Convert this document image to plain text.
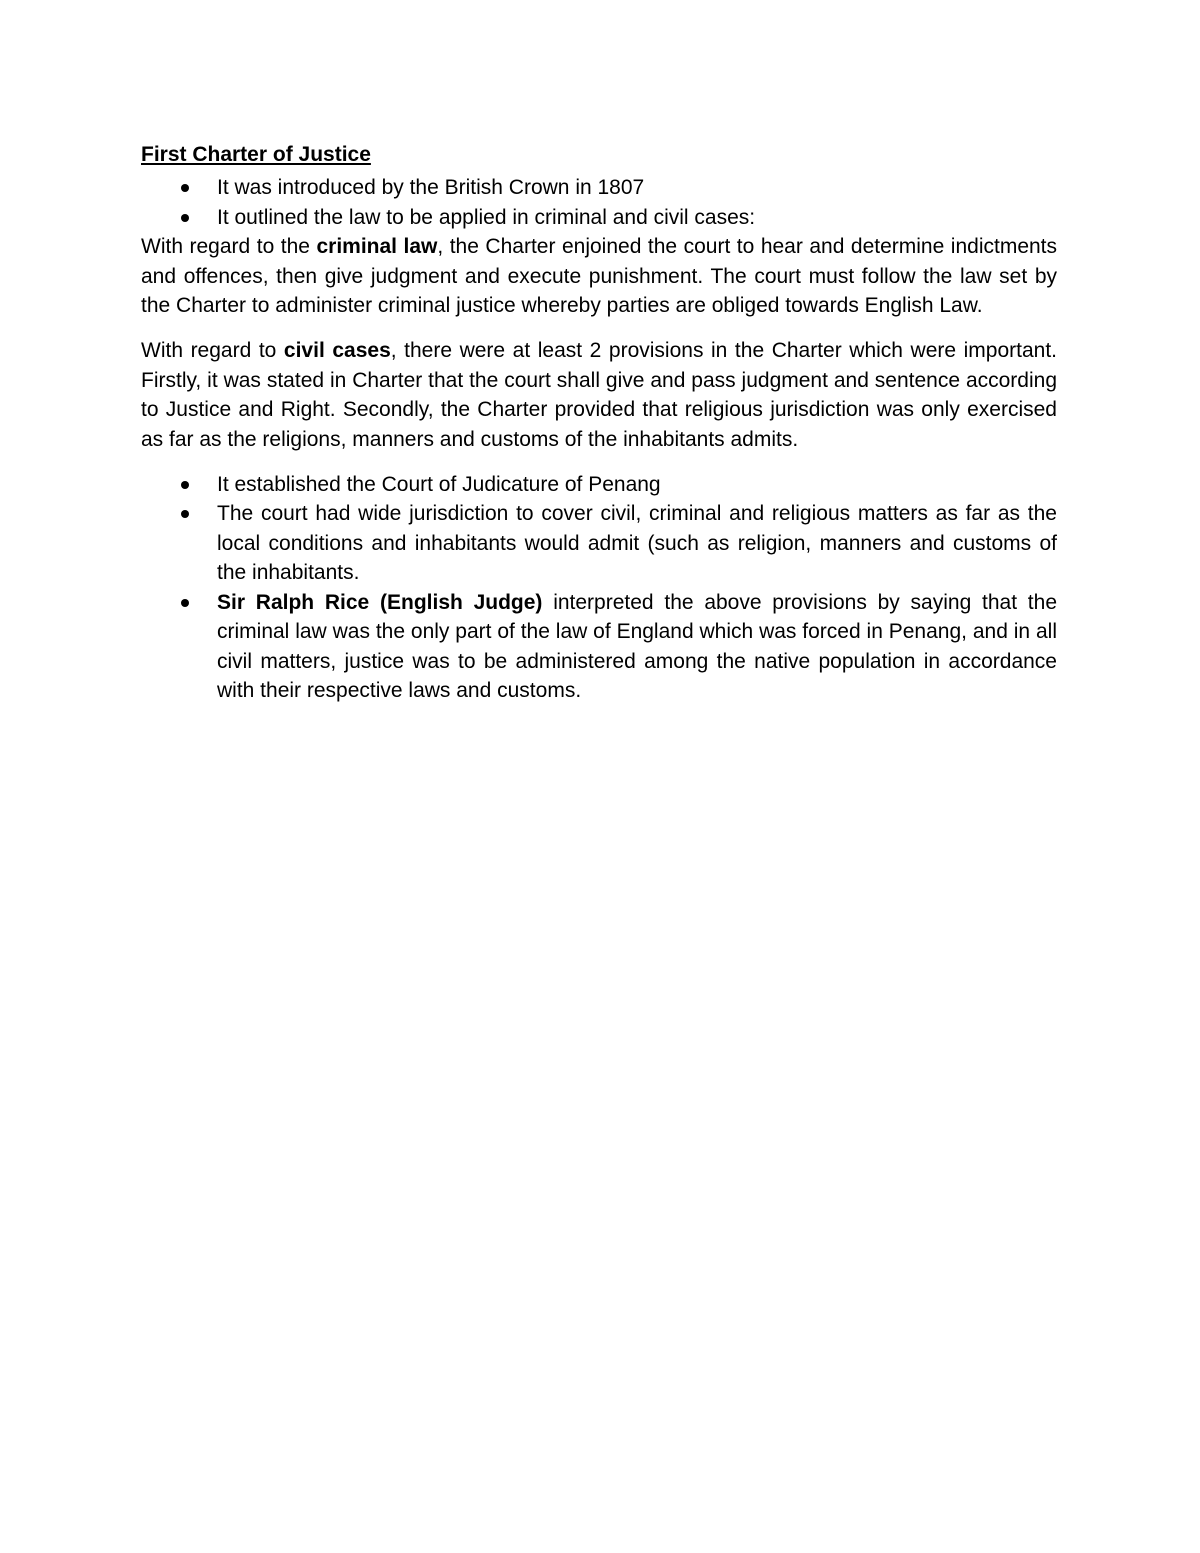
First Charter of Justice
It was introduced by the British Crown in 1807
It outlined the law to be applied in criminal and civil cases:

With regard to the criminal law, the Charter enjoined the court to hear and determine indictments and offences, then give judgment and execute punishment. The court must follow the law set by the Charter to administer criminal justice whereby parties are obliged towards English Law.

With regard to civil cases, there were at least 2 provisions in the Charter which were important. Firstly, it was stated in Charter that the court shall give and pass judgment and sentence according to Justice and Right. Secondly, the Charter provided that religious jurisdiction was only exercised as far as the religions, manners and customs of the inhabitants admits.

It established the Court of Judicature of Penang
The court had wide jurisdiction to cover civil, criminal and religious matters as far as the local conditions and inhabitants would admit (such as religion, manners and customs of the inhabitants.
Sir Ralph Rice (English Judge) interpreted the above provisions by saying that the criminal law was the only part of the law of England which was forced in Penang, and in all civil matters, justice was to be administered among the native population in accordance with their respective laws and customs.
